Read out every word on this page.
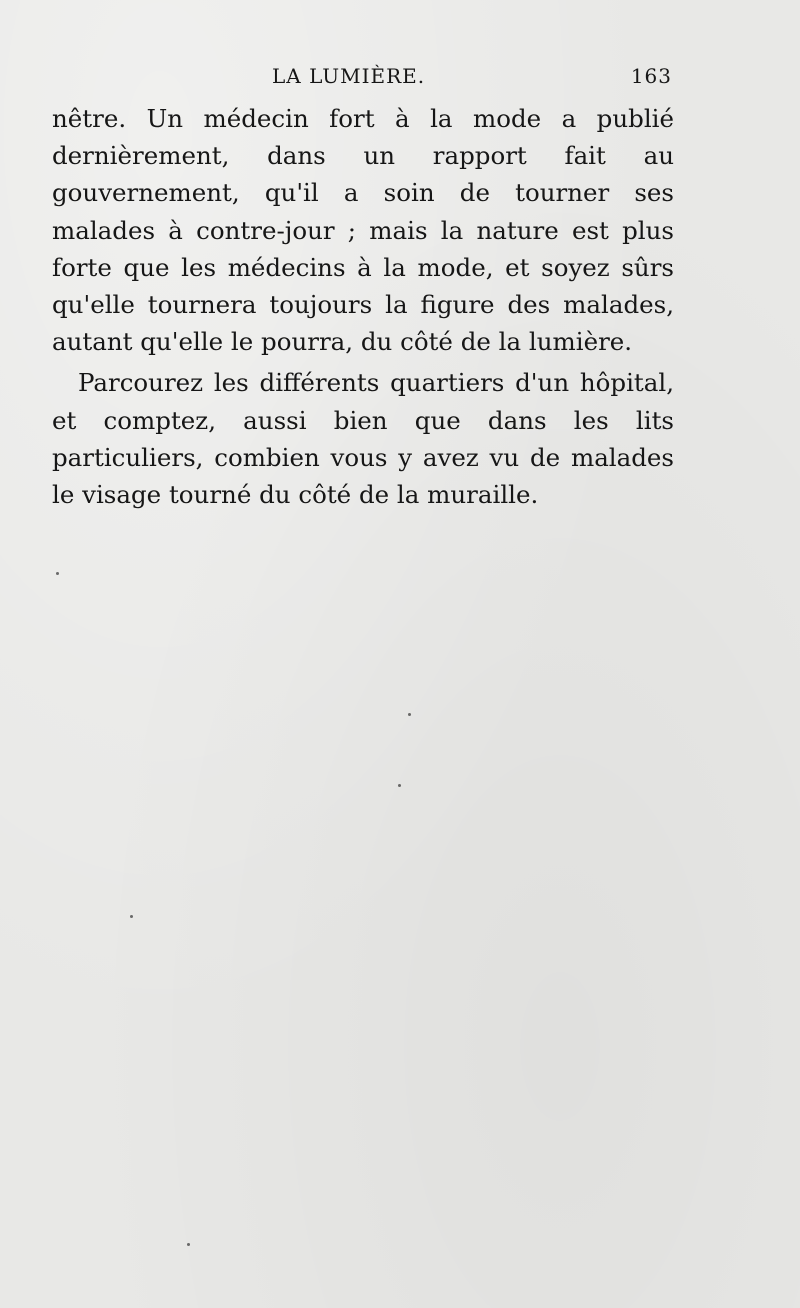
LA LUMIÈRE.	163

nêtre. Un médecin fort à la mode a publié dernièrement, dans un rapport fait au gouvernement, qu'il a soin de tourner ses malades à contre-jour ; mais la nature est plus forte que les médecins à la mode, et soyez sûrs qu'elle tournera toujours la figure des malades, autant qu'elle le pourra, du côté de la lumière.

Parcourez les différents quartiers d'un hôpital, et comptez, aussi bien que dans les lits particuliers, combien vous y avez vu de malades le visage tourné du côté de la muraille.
